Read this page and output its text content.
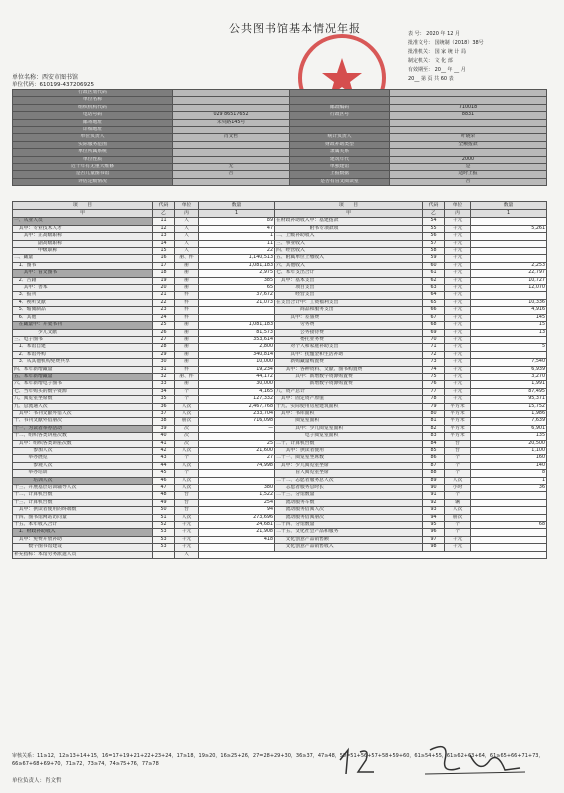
公共图书馆基本情况年报	表 号： 2020 年 12 月
批准文号： 国统制（2018）38号
批准机关： 国 家 统 计 局
制定机关： 文 化 部
有效期至： 20__ 年 __ 月
20__ 第 页 共 60 表
单位名称：西安市图书馆
单位代码：610199-437206925
行政区划代码			
单位名称			
组织机构代码		邮政编码	710018
电话号码	029 86517652	行政区号	8831
邮寄地址	未央路145号		
详细地址			
单位负责人	肖文哲	统计负责人	叶晓荣
实际服务范围		财政补助类型	全额拨款
单位所属系统		隶属关系	
单位性质		建筑年代	2000
近十年有无重大维修	无	单独建馆	是
是否儿童图书馆	否	上报数据	适时上报
评估定级情况		是否有盲文阅读室	否
项　　目	代码	单位	数量	项　　目	代码	单位	数量
甲	乙	丙	1	甲	乙	丙	1
一、从业人员	11	人	89	在财政补助收入中：基建拨款	54	千元	
　其中：专业技术人才	12	人	47	　　　　　　　附书专项款项	55	千元	5,261
　　其中：正高级职称	13	人	1	二、上级补助收入	56	千元	
　　　　　副高级职称	14	人	11	三、事业收入	57	千元	
　　　　　中级职称	15	人	22	四、经营收入	58	千元	
二、藏量	16	册、件	1,140,513	五、附属单位上缴收入	59	千元	
　1．图书	17	册	1,081,183	六、其他收入	60	千元	2,253
　　其中：盲文图书	18	册	2,975	七、本年支出合计	61	千元	22,797
　2．古籍	19	册	385	　其中：基本支出	62	千元	10,727
　　其中：善本	20	册	65	　　　　项目支出	63	千元	12,070
　3．报刊	21	件	37,672	　　　　经营支出	64	千元	
　4．视听文献	22	件	21,073	在支出合计中：工资福利支出	65	千元	10,336
　5．缩微制品	23	件		　　　　　商品和服务支出	66	千元	4,916
　6．其他	24	件		　　　其中：差旅费	67	千元	145
　在藏量中：开架书刊	25	册	1,081,183	　　　　　劳务费	68	千元	15
　　　　　少儿文献	26	册	81,573	　　　　　公务接待费	69	千元	13
三、电子图书	27	册	353,614	　　　　　委托业务费	70	千元	
　1．本馆自建	28	册	2,800	　　　对个人和家庭补助支出	71	千元	5
　2．本馆外购	29	册	340,814	　　　其中：抚恤金和生活补助	72	千元	
　3．从其他机构免费共享	30	册	10,000	　　　新购藏量购置费	73	千元	7,540
四、本年新增藏量	31	件	19,234	　　其中：各种资料、文献、图书购置费	74	千元	6,939
五、本年新增藏量	32	册、件	44,172	　　　　其中：新增数字资源购置费	75	千元	3,270
六、本年新增电子图书	33	册	30,000	　　　　　　　新增数字资源购置费	76	千元	1,991
七、当年购买的数字资源	34	个	4,165	八、资产总计	77	千元	87,495
八、阅览室坐席数	35	个	127,332	　其中：固定资产原值	78	千元	95,371
九、总流通人次	36	人次	2,467,768	十九、实际使用房屋建筑面积	79	平方米	15,752
　其中：书刊文献外借人次	37	人次	233,704	　其中：书库面积	80	平方米	1,986
十、书刊文献外借册次	38	册次	716,098	　　　　阅览室面积	81	平方米	7,639
十一、为读者举办活动	39	次	—	　　　　其中：少儿阅览室面积	82	平方米	6,901
十二、组织各类讲座次数	40	次		　　　　　　电子阅览室面积	83	平方米	135
　其中：组织各类讲座次数	41	次	25	二十、计算机台数	84	台	20,500
　　　　参加人次	42	人次	21,600	　　其中：供读者使用	85	台	1,100
　　　举办展览	43	个	27	二十一、阅览室坐席数	86	个	160
　　　　参观人次	44	人次	74,998	　其中：少儿阅览室坐席	87	个	140
　　　举办培训	45	个		　　　　盲人阅览室坐席	88	个	8
　　　　培训人次	46	人次		二十二、志愿者服务总人次	89	人次	1
十三、开展基层培训辅导人次	47	人次	380	　　志愿者服务总时长	90	小时	36
十二、计算机台数	48	台	1,522	二十三、分馆数量	91	个	
十三、计算机台数	49	台	254	　　流动服务车数	92	辆	
　其中：供读者使用的终端数	50	台	94	　　流动服务借阅人次	93	人次	
十四、图书馆网站访问量	51	人次	273,696	　　流动服务借阅册次	94	册次	
十五、本年收入合计	52	千元	24,681	二十四、分馆数量	95	个	68
　1．财政补助收入	53	千元	21,908	二十五、文化社会产品和服务	96	个	
　其中：免费开放补助	53	千元	418	　　文化创意产品销售额	97	千元	
　　　数字图书馆建设	53	千元		　　文化创意产品销售收入	98	千元	
补充指标：本馆劳务派遣人员		人					
审核关系：11≥12，12≥13+14+15，16=17+19+21+22+23+24，17≥18，19≥20，16≥25+26，27=28+29+30，36≥37，47≥48，50=51+56+57+58+59+60，61≥54+55，61≥62+63+64，61≥65+66+71+73，66≥67+68+69+70，71≥72，73≥74，74≥75+76，77≥78
单位负责人：肖文哲
